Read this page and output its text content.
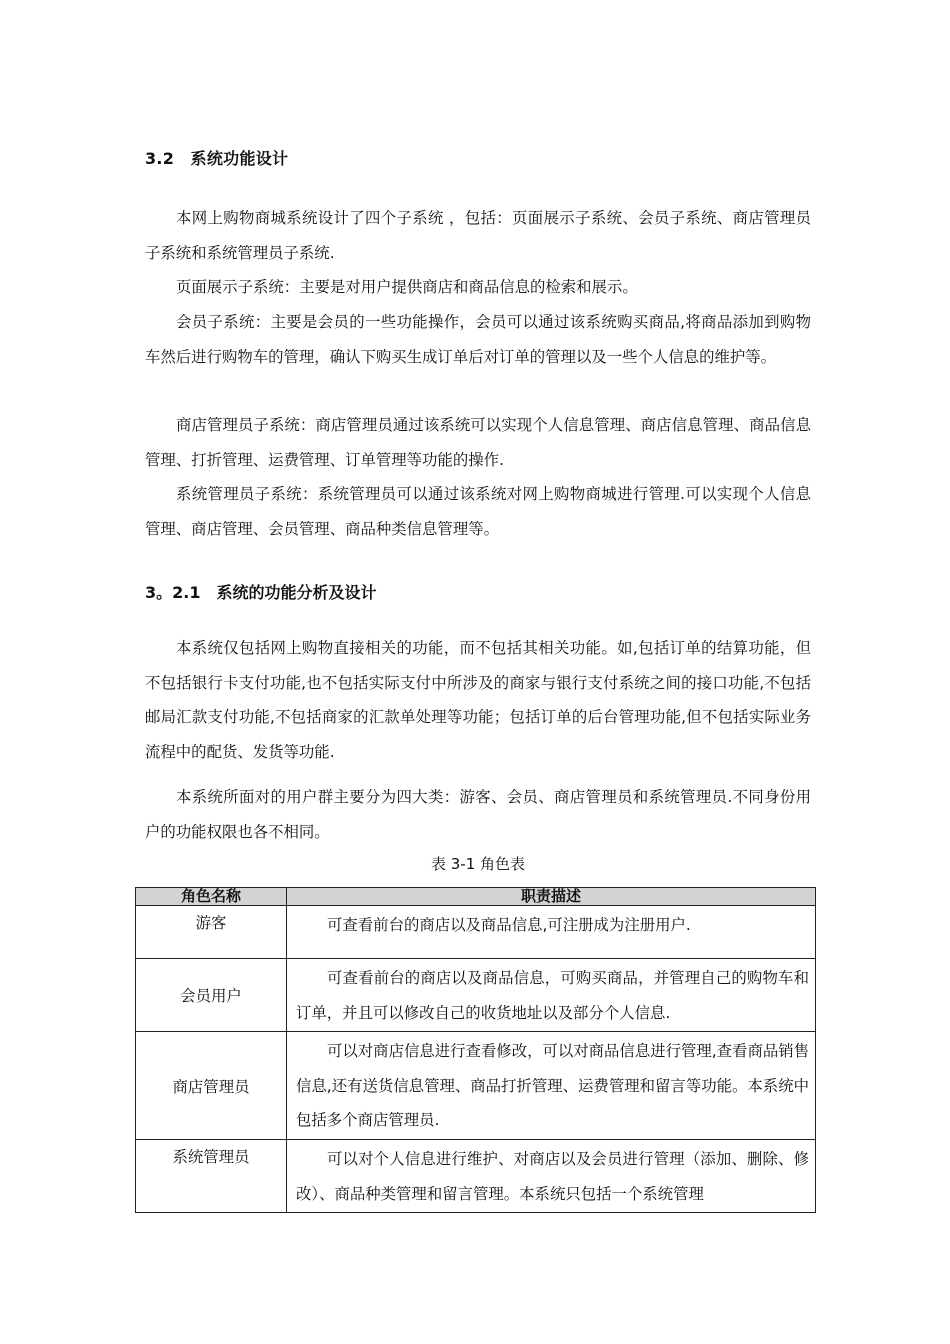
3.2　系统功能设计
本网上购物商城系统设计了四个子系统 ，包括：页面展示子系统、会员子系统、商店管理员子系统和系统管理员子系统.
页面展示子系统：主要是对用户提供商店和商品信息的检索和展示。
会员子系统：主要是会员的一些功能操作，会员可以通过该系统购买商品,将商品添加到购物车然后进行购物车的管理，确认下购买生成订单后对订单的管理以及一些个人信息的维护等。
商店管理员子系统：商店管理员通过该系统可以实现个人信息管理、商店信息管理、商品信息管理、打折管理、运费管理、订单管理等功能的操作.
系统管理员子系统：系统管理员可以通过该系统对网上购物商城进行管理.可以实现个人信息管理、商店管理、会员管理、商品种类信息管理等。
3。2.1　系统的功能分析及设计
本系统仅包括网上购物直接相关的功能，而不包括其相关功能。如,包括订单的结算功能，但不包括银行卡支付功能,也不包括实际支付中所涉及的商家与银行支付系统之间的接口功能,不包括邮局汇款支付功能,不包括商家的汇款单处理等功能；包括订单的后台管理功能,但不包括实际业务流程中的配货、发货等功能.
本系统所面对的用户群主要分为四大类：游客、会员、商店管理员和系统管理员.不同身份用户的功能权限也各不相同。
表 3-1 角色表
角色名称	职责描述
游客	可查看前台的商店以及商品信息,可注册成为注册用户.
会员用户	可查看前台的商店以及商品信息，可购买商品，并管理自己的购物车和订单，并且可以修改自己的收货地址以及部分个人信息.
商店管理员	可以对商店信息进行查看修改，可以对商品信息进行管理,查看商品销售信息,还有送货信息管理、商品打折管理、运费管理和留言等功能。本系统中包括多个商店管理员.
系统管理员	可以对个人信息进行维护、对商店以及会员进行管理（添加、删除、修改）、商品种类管理和留言管理。本系统只包括一个系统管理
